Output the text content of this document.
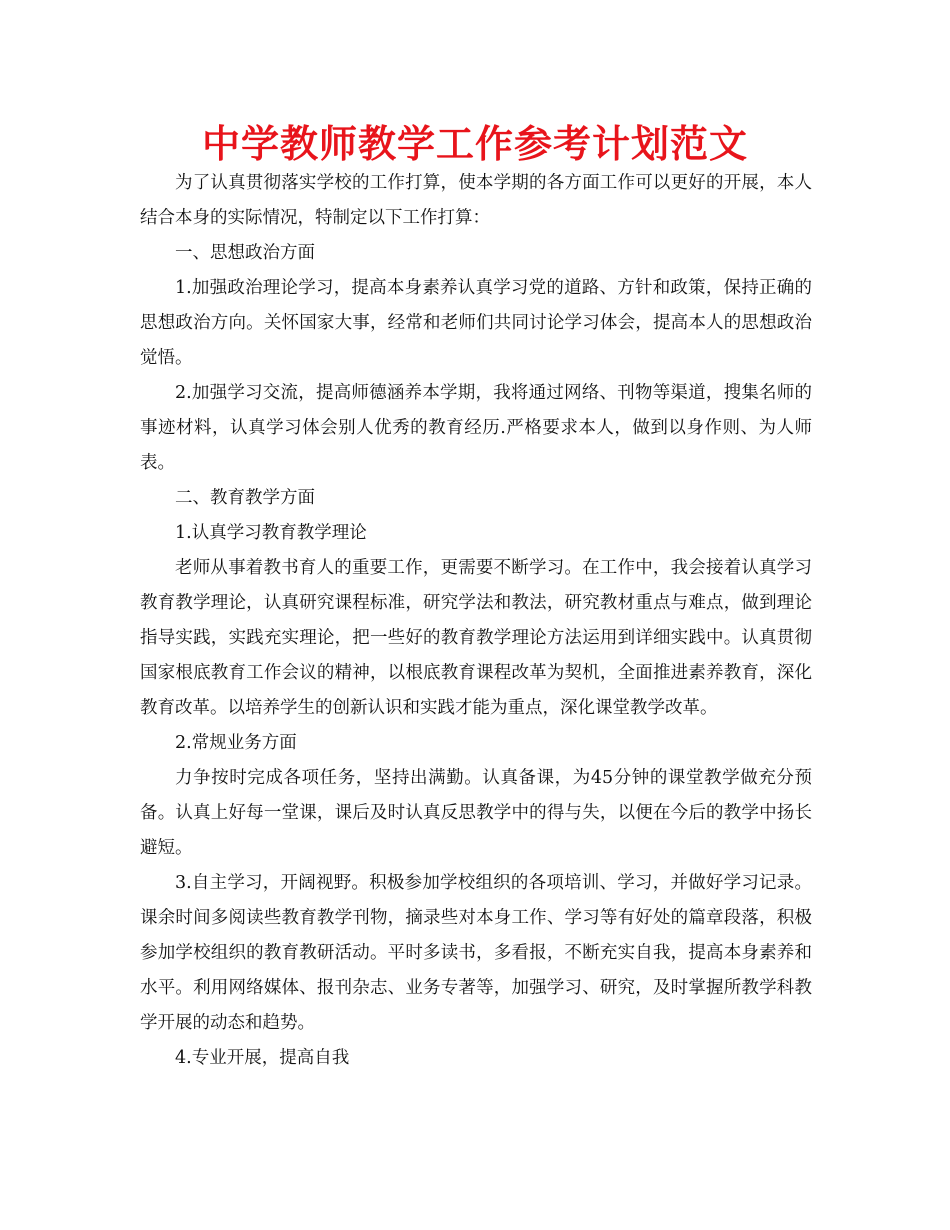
中学教师教学工作参考计划范文

为了认真贯彻落实学校的工作打算，使本学期的各方面工作可以更好的开展，本人结合本身的实际情况，特制定以下工作打算：

一、思想政治方面

1.加强政治理论学习，提高本身素养认真学习党的道路、方针和政策，保持正确的思想政治方向。关怀国家大事，经常和老师们共同讨论学习体会，提高本人的思想政治觉悟。

2.加强学习交流，提高师德涵养本学期，我将通过网络、刊物等渠道，搜集名师的事迹材料，认真学习体会别人优秀的教育经历.严格要求本人，做到以身作则、为人师表。

二、教育教学方面

1.认真学习教育教学理论

老师从事着教书育人的重要工作，更需要不断学习。在工作中，我会接着认真学习教育教学理论，认真研究课程标准，研究学法和教法，研究教材重点与难点，做到理论指导实践，实践充实理论，把一些好的教育教学理论方法运用到详细实践中。认真贯彻国家根底教育工作会议的精神，以根底教育课程改革为契机，全面推进素养教育，深化教育改革。以培养学生的创新认识和实践才能为重点，深化课堂教学改革。

2.常规业务方面

力争按时完成各项任务，坚持出满勤。认真备课，为45分钟的课堂教学做充分预备。认真上好每一堂课，课后及时认真反思教学中的得与失，以便在今后的教学中扬长避短。

3.自主学习，开阔视野。积极参加学校组织的各项培训、学习，并做好学习记录。课余时间多阅读些教育教学刊物，摘录些对本身工作、学习等有好处的篇章段落，积极参加学校组织的教育教研活动。平时多读书，多看报，不断充实自我，提高本身素养和水平。利用网络媒体、报刊杂志、业务专著等，加强学习、研究，及时掌握所教学科教学开展的动态和趋势。

4.专业开展，提高自我
